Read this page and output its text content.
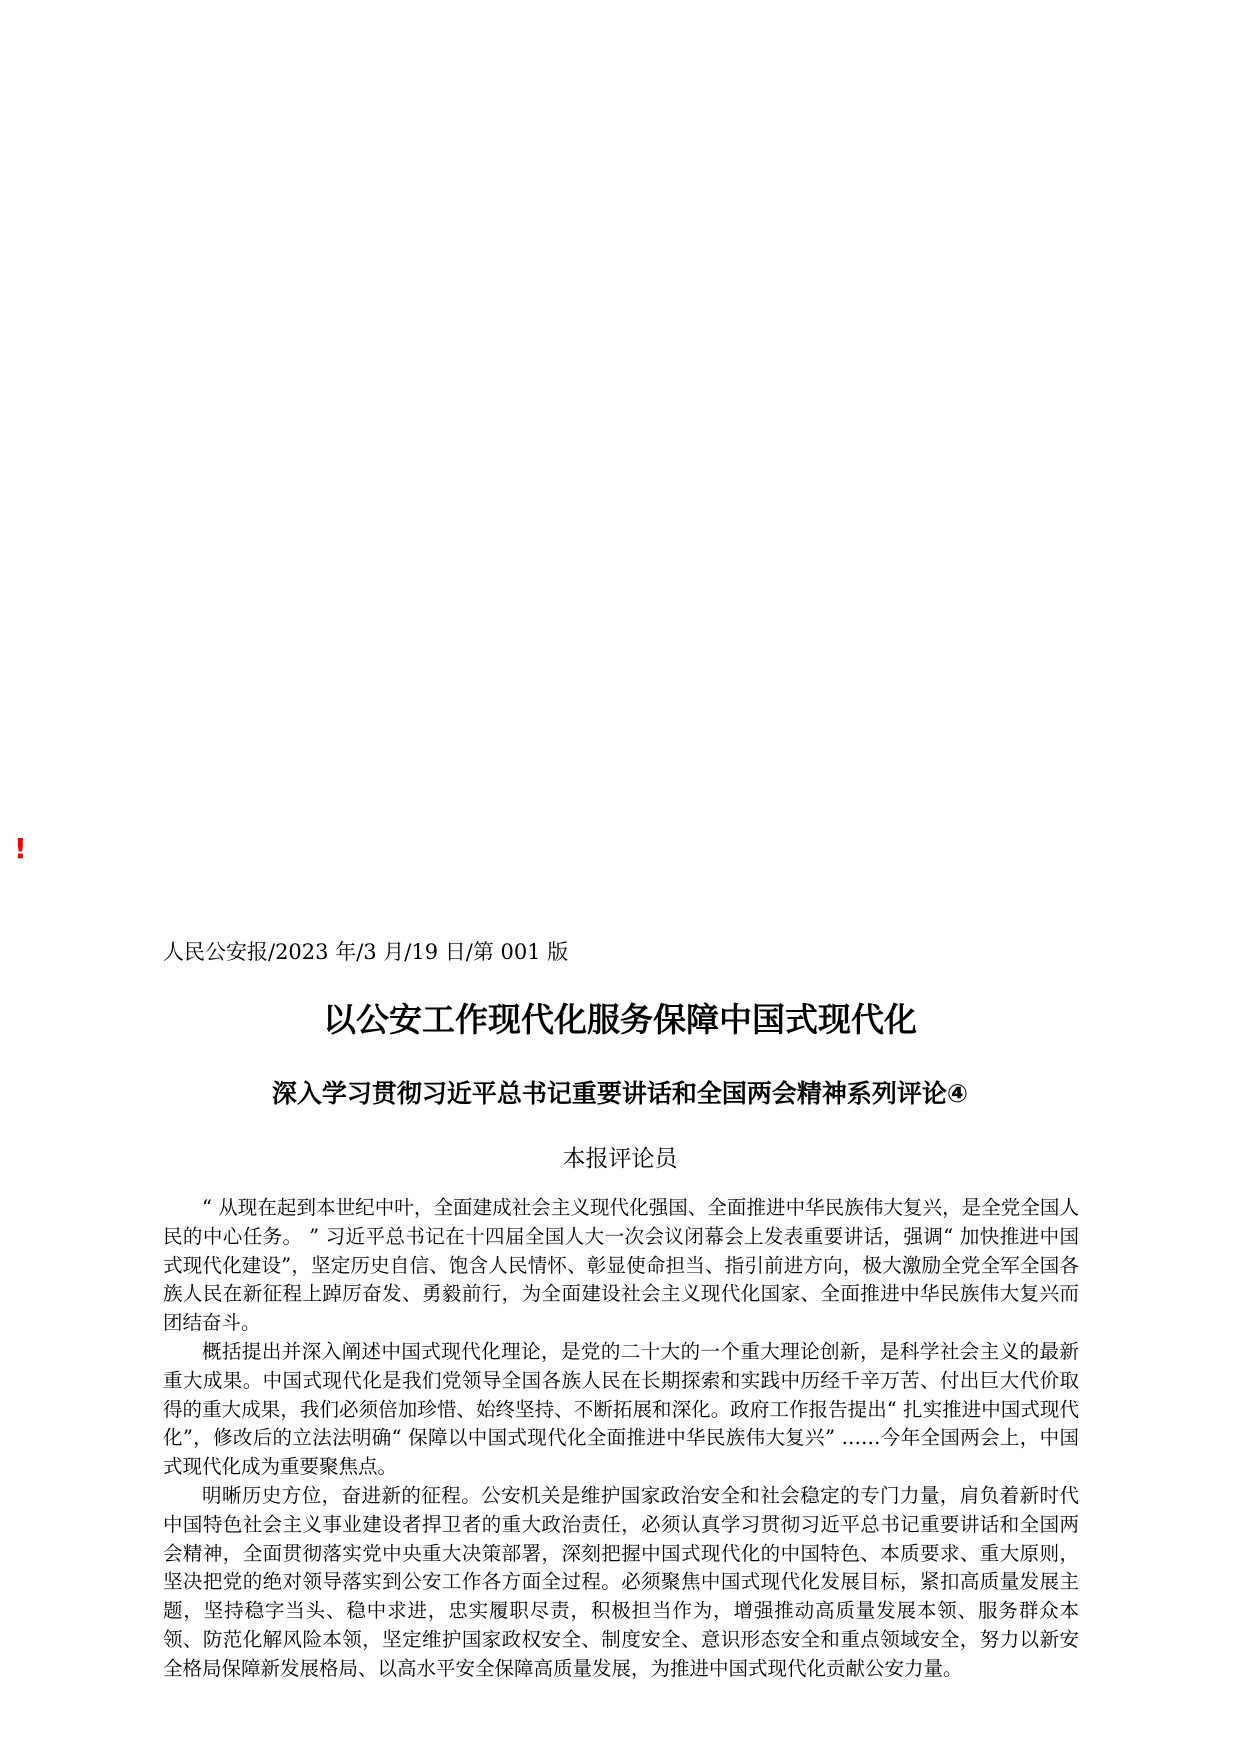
!
人民公安报/2023 年/3 月/19 日/第 001 版
以公安工作现代化服务保障中国式现代化
深入学习贯彻习近平总书记重要讲话和全国两会精神系列评论④
本报评论员

“ 从现在起到本世纪中叶，全面建成社会主义现代化强国、全面推进中华民族伟大复兴，是全党全国人民的中心任务。 ” 习近平总书记在十四届全国人大一次会议闭幕会上发表重要讲话，强调“ 加快推进中国式现代化建设”，坚定历史自信、饱含人民情怀、彰显使命担当、指引前进方向，极大激励全党全军全国各族人民在新征程上踔厉奋发、勇毅前行，为全面建设社会主义现代化国家、全面推进中华民族伟大复兴而团结奋斗。

概括提出并深入阐述中国式现代化理论，是党的二十大的一个重大理论创新，是科学社会主义的最新重大成果。中国式现代化是我们党领导全国各族人民在长期探索和实践中历经千辛万苦、付出巨大代价取得的重大成果，我们必须倍加珍惜、始终坚持、不断拓展和深化。政府工作报告提出“ 扎实推进中国式现代化”，修改后的立法法明确“ 保障以中国式现代化全面推进中华民族伟大复兴” ……今年全国两会上，中国式现代化成为重要聚焦点。

明晰历史方位，奋进新的征程。公安机关是维护国家政治安全和社会稳定的专门力量，肩负着新时代中国特色社会主义事业建设者捍卫者的重大政治责任，必须认真学习贯彻习近平总书记重要讲话和全国两会精神，全面贯彻落实党中央重大决策部署，深刻把握中国式现代化的中国特色、本质要求、重大原则，坚决把党的绝对领导落实到公安工作各方面全过程。必须聚焦中国式现代化发展目标，紧扣高质量发展主题，坚持稳字当头、稳中求进，忠实履职尽责，积极担当作为，增强推动高质量发展本领、服务群众本领、防范化解风险本领，坚定维护国家政权安全、制度安全、意识形态安全和重点领域安全，努力以新安全格局保障新发展格局、以高水平安全保障高质量发展，为推进中国式现代化贡献公安力量。
